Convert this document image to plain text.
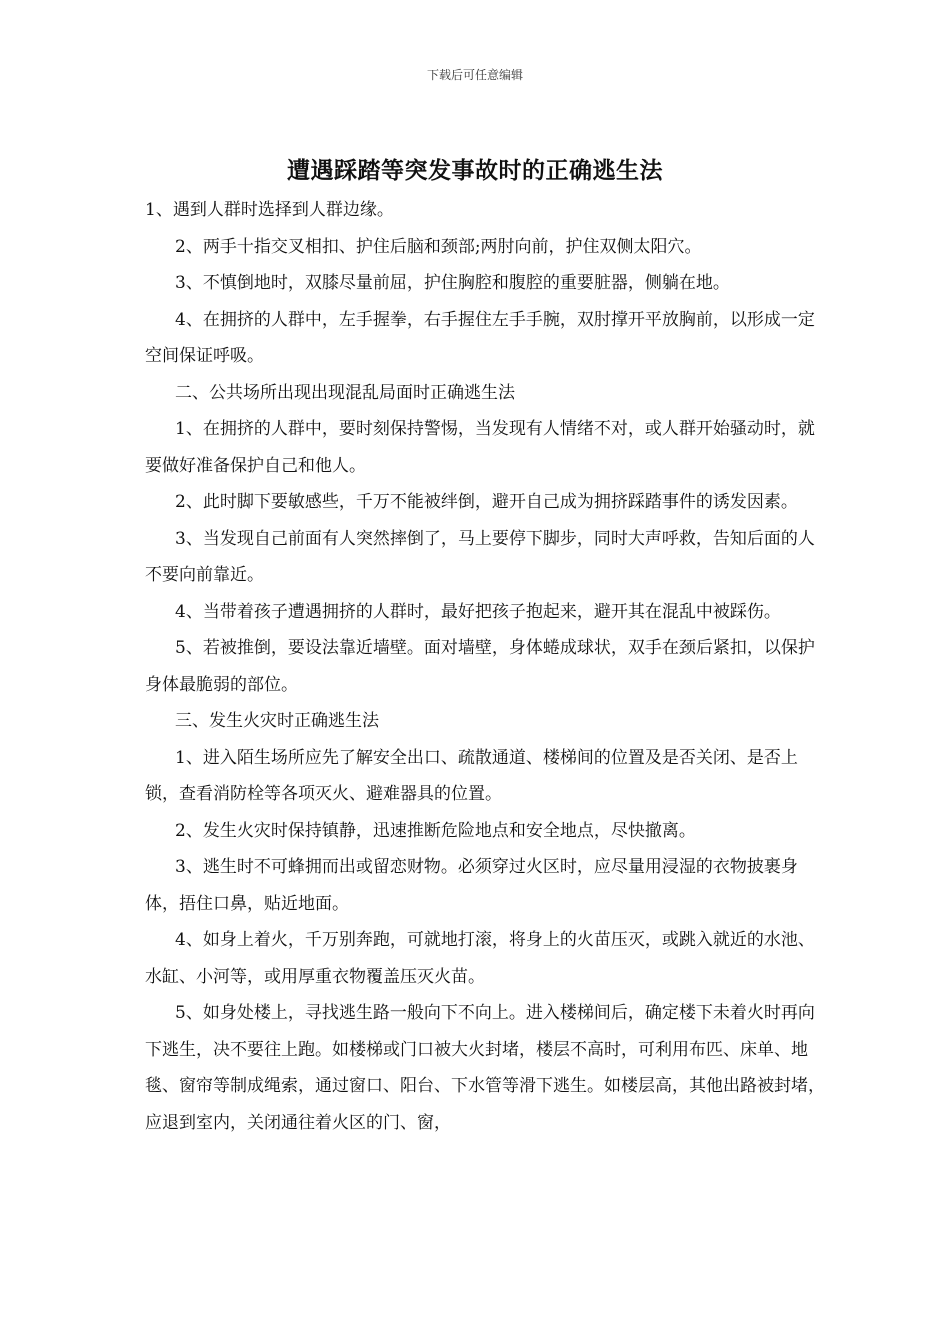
下载后可任意编辑
遭遇踩踏等突发事故时的正确逃生法

1、遇到人群时选择到人群边缘。

2、两手十指交叉相扣、护住后脑和颈部;两肘向前，护住双侧太阳穴。

3、不慎倒地时，双膝尽量前屈，护住胸腔和腹腔的重要脏器，侧躺在地。

4、在拥挤的人群中，左手握拳，右手握住左手手腕，双肘撑开平放胸前，以形成一定空间保证呼吸。

二、公共场所出现出现混乱局面时正确逃生法

1、在拥挤的人群中，要时刻保持警惕，当发现有人情绪不对，或人群开始骚动时，就要做好准备保护自己和他人。

2、此时脚下要敏感些，千万不能被绊倒，避开自己成为拥挤踩踏事件的诱发因素。

3、当发现自己前面有人突然摔倒了，马上要停下脚步，同时大声呼救，告知后面的人不要向前靠近。

4、当带着孩子遭遇拥挤的人群时，最好把孩子抱起来，避开其在混乱中被踩伤。

5、若被推倒，要设法靠近墙壁。面对墙壁，身体蜷成球状，双手在颈后紧扣，以保护身体最脆弱的部位。

三、发生火灾时正确逃生法

1、进入陌生场所应先了解安全出口、疏散通道、楼梯间的位置及是否关闭、是否上锁，查看消防栓等各项灭火、避难器具的位置。

2、发生火灾时保持镇静，迅速推断危险地点和安全地点，尽快撤离。

3、逃生时不可蜂拥而出或留恋财物。必须穿过火区时，应尽量用浸湿的衣物披裹身体，捂住口鼻，贴近地面。

4、如身上着火，千万别奔跑，可就地打滚，将身上的火苗压灭，或跳入就近的水池、水缸、小河等，或用厚重衣物覆盖压灭火苗。

5、如身处楼上，寻找逃生路一般向下不向上。进入楼梯间后，确定楼下未着火时再向下逃生，决不要往上跑。如楼梯或门口被大火封堵，楼层不高时，可利用布匹、床单、地毯、窗帘等制成绳索，通过窗口、阳台、下水管等滑下逃生。如楼层高，其他出路被封堵，应退到室内，关闭通往着火区的门、窗，
